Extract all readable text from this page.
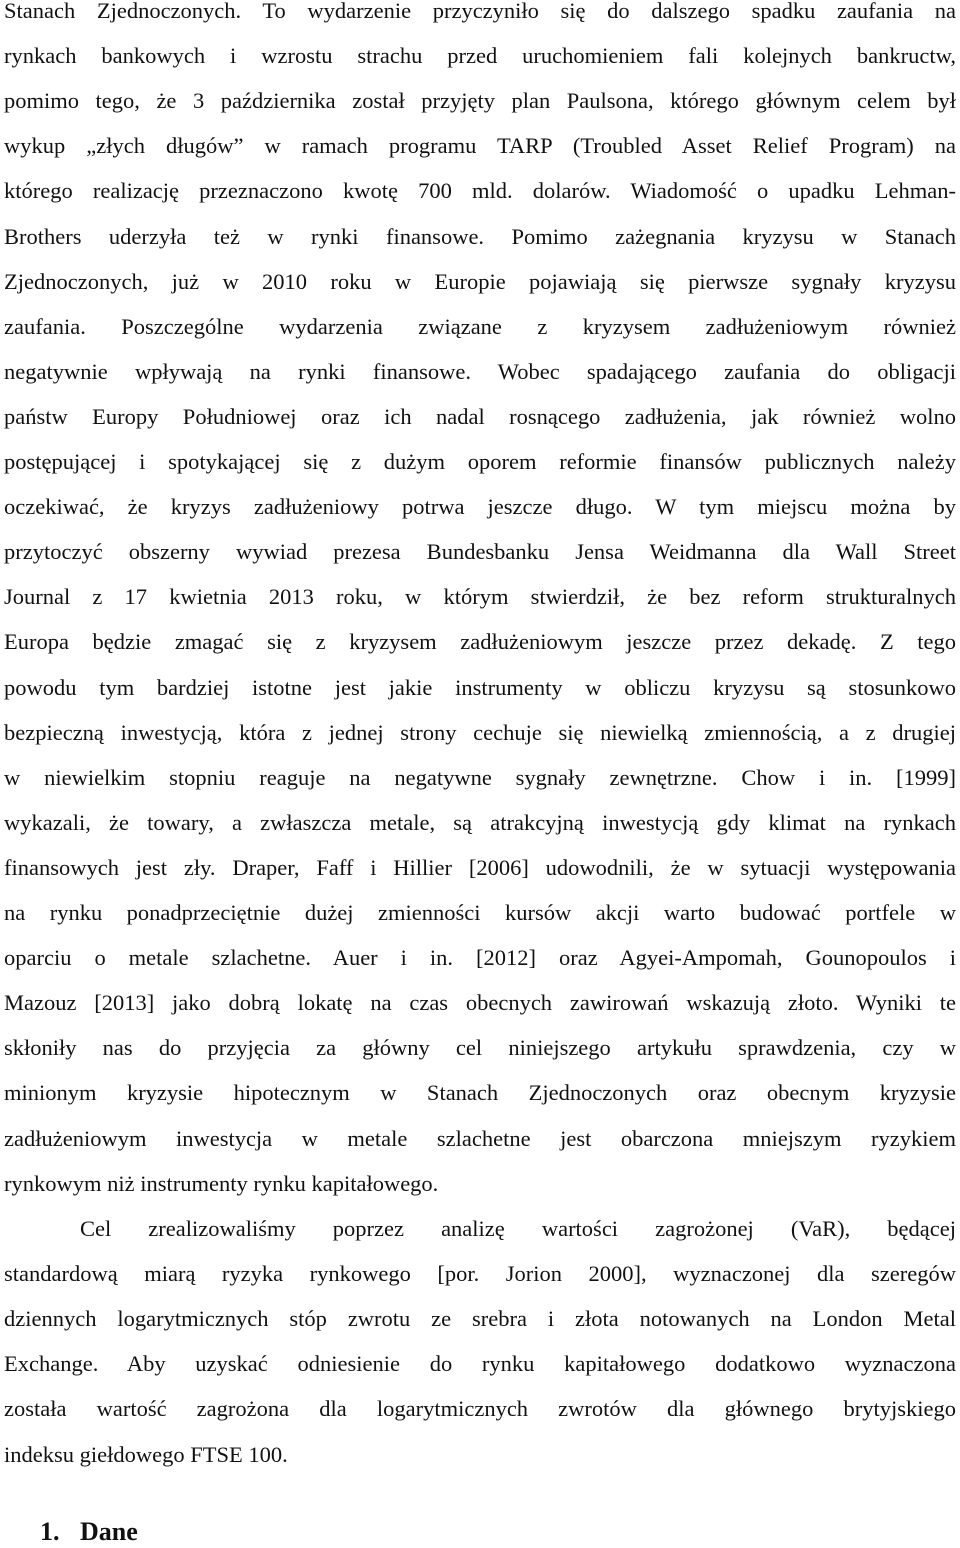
Stanach Zjednoczonych. To wydarzenie przyczyniło się do dalszego spadku zaufania na
rynkach bankowych i wzrostu strachu przed uruchomieniem fali kolejnych bankructw,
pomimo tego, że 3 października został przyjęty plan Paulsona, którego głównym celem był
wykup „złych długów” w ramach programu TARP (Troubled Asset Relief Program) na
którego realizację przeznaczono kwotę 700 mld. dolarów. Wiadomość o upadku Lehman-
Brothers uderzyła też w rynki finansowe. Pomimo zażegnania kryzysu w Stanach
Zjednoczonych, już w 2010 roku w Europie pojawiają się pierwsze sygnały kryzysu
zaufania. Poszczególne wydarzenia związane z kryzysem zadłużeniowym również
negatywnie wpływają na rynki finansowe. Wobec spadającego zaufania do obligacji
państw Europy Południowej oraz ich nadal rosnącego zadłużenia, jak również wolno
postępującej i spotykającej się z dużym oporem reformie finansów publicznych należy
oczekiwać, że kryzys zadłużeniowy potrwa jeszcze długo. W tym miejscu można by
przytoczyć obszerny wywiad prezesa Bundesbanku Jensa Weidmanna dla Wall Street
Journal z 17 kwietnia 2013 roku, w którym stwierdził, że bez reform strukturalnych
Europa będzie zmagać się z kryzysem zadłużeniowym jeszcze przez dekadę. Z tego
powodu tym bardziej istotne jest jakie instrumenty w obliczu kryzysu są stosunkowo
bezpieczną inwestycją, która z jednej strony cechuje się niewielką zmiennością, a z drugiej
w niewielkim stopniu reaguje na negatywne sygnały zewnętrzne. Chow i in. [1999]
wykazali, że towary, a zwłaszcza metale, są atrakcyjną inwestycją gdy klimat na rynkach
finansowych jest zły. Draper, Faff i Hillier [2006] udowodnili, że w sytuacji występowania
na rynku ponadprzeciętnie dużej zmienności kursów akcji warto budować portfele w
oparciu o metale szlachetne. Auer i in. [2012] oraz Agyei-Ampomah, Gounopoulos i
Mazouz [2013] jako dobrą lokatę na czas obecnych zawirowań wskazują złoto. Wyniki te
skłoniły nas do przyjęcia za główny cel niniejszego artykułu sprawdzenia, czy w
minionym kryzysie hipotecznym w Stanach Zjednoczonych oraz obecnym kryzysie
zadłużeniowym inwestycja w metale szlachetne jest obarczona mniejszym ryzykiem
rynkowym niż instrumenty rynku kapitałowego.
Cel zrealizowaliśmy poprzez analizę wartości zagrożonej (VaR), będącej
standardową miarą ryzyka rynkowego [por. Jorion 2000], wyznaczonej dla szeregów
dziennych logarytmicznych stóp zwrotu ze srebra i złota notowanych na London Metal
Exchange. Aby uzyskać odniesienie do rynku kapitałowego dodatkowo wyznaczona
została wartość zagrożona dla logarytmicznych zwrotów dla głównego brytyjskiego
indeksu giełdowego FTSE 100.
1. Dane
